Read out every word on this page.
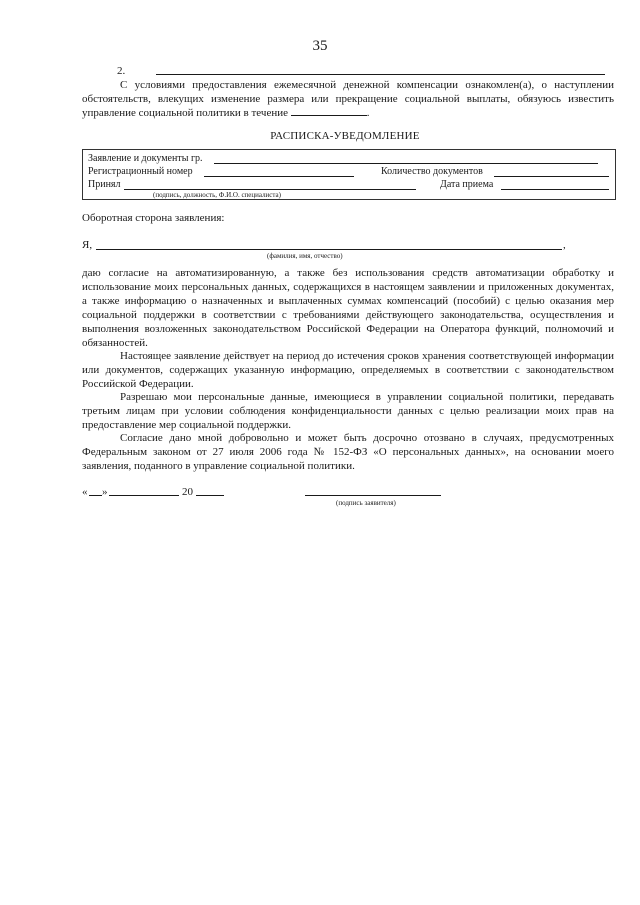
35
2.
С условиями предоставления ежемесячной денежной компенсации ознакомлен(а), о наступлении обстоятельств, влекущих изменение размера или прекращение социальной выплаты, обязуюсь известить управление социальной политики в течение	.
РАСПИСКА-УВЕДОМЛЕНИЕ
Заявление и документы гр.
Регистрационный номер	Количество документов
Принял	Дата приема
(подпись, должность, Ф.И.О. специалиста)
Оборотная сторона заявления:
Я,	,
(фамилия, имя, отчество)
даю согласие на автоматизированную, а также без использования средств автоматизации обработку и использование моих персональных данных, содержащихся в настоящем заявлении и приложенных документах, а также информацию о назначенных и выплаченных суммах компенсаций (пособий) с целью оказания мер социальной поддержки в соответствии с требованиями действующего законодательства, осуществления и выполнения возложенных законодательством Российской Федерации на Оператора функций, полномочий и обязанностей.
Настоящее заявление действует на период до истечения сроков хранения соответствующей информации или документов, содержащих указанную информацию, определяемых в соответствии с законодательством Российской Федерации.
Разрешаю мои персональные данные, имеющиеся в управлении социальной политики, передавать третьим лицам при условии соблюдения конфиденциальности данных с целью реализации моих прав на предоставление мер социальной поддержки.
Согласие дано мной добровольно и может быть досрочно отозвано в случаях, предусмотренных Федеральным законом от 27 июля 2006 года № 152-ФЗ «О персональных данных», на основании моего заявления, поданного в управление социальной политики.
« »	20
(подпись заявителя)
